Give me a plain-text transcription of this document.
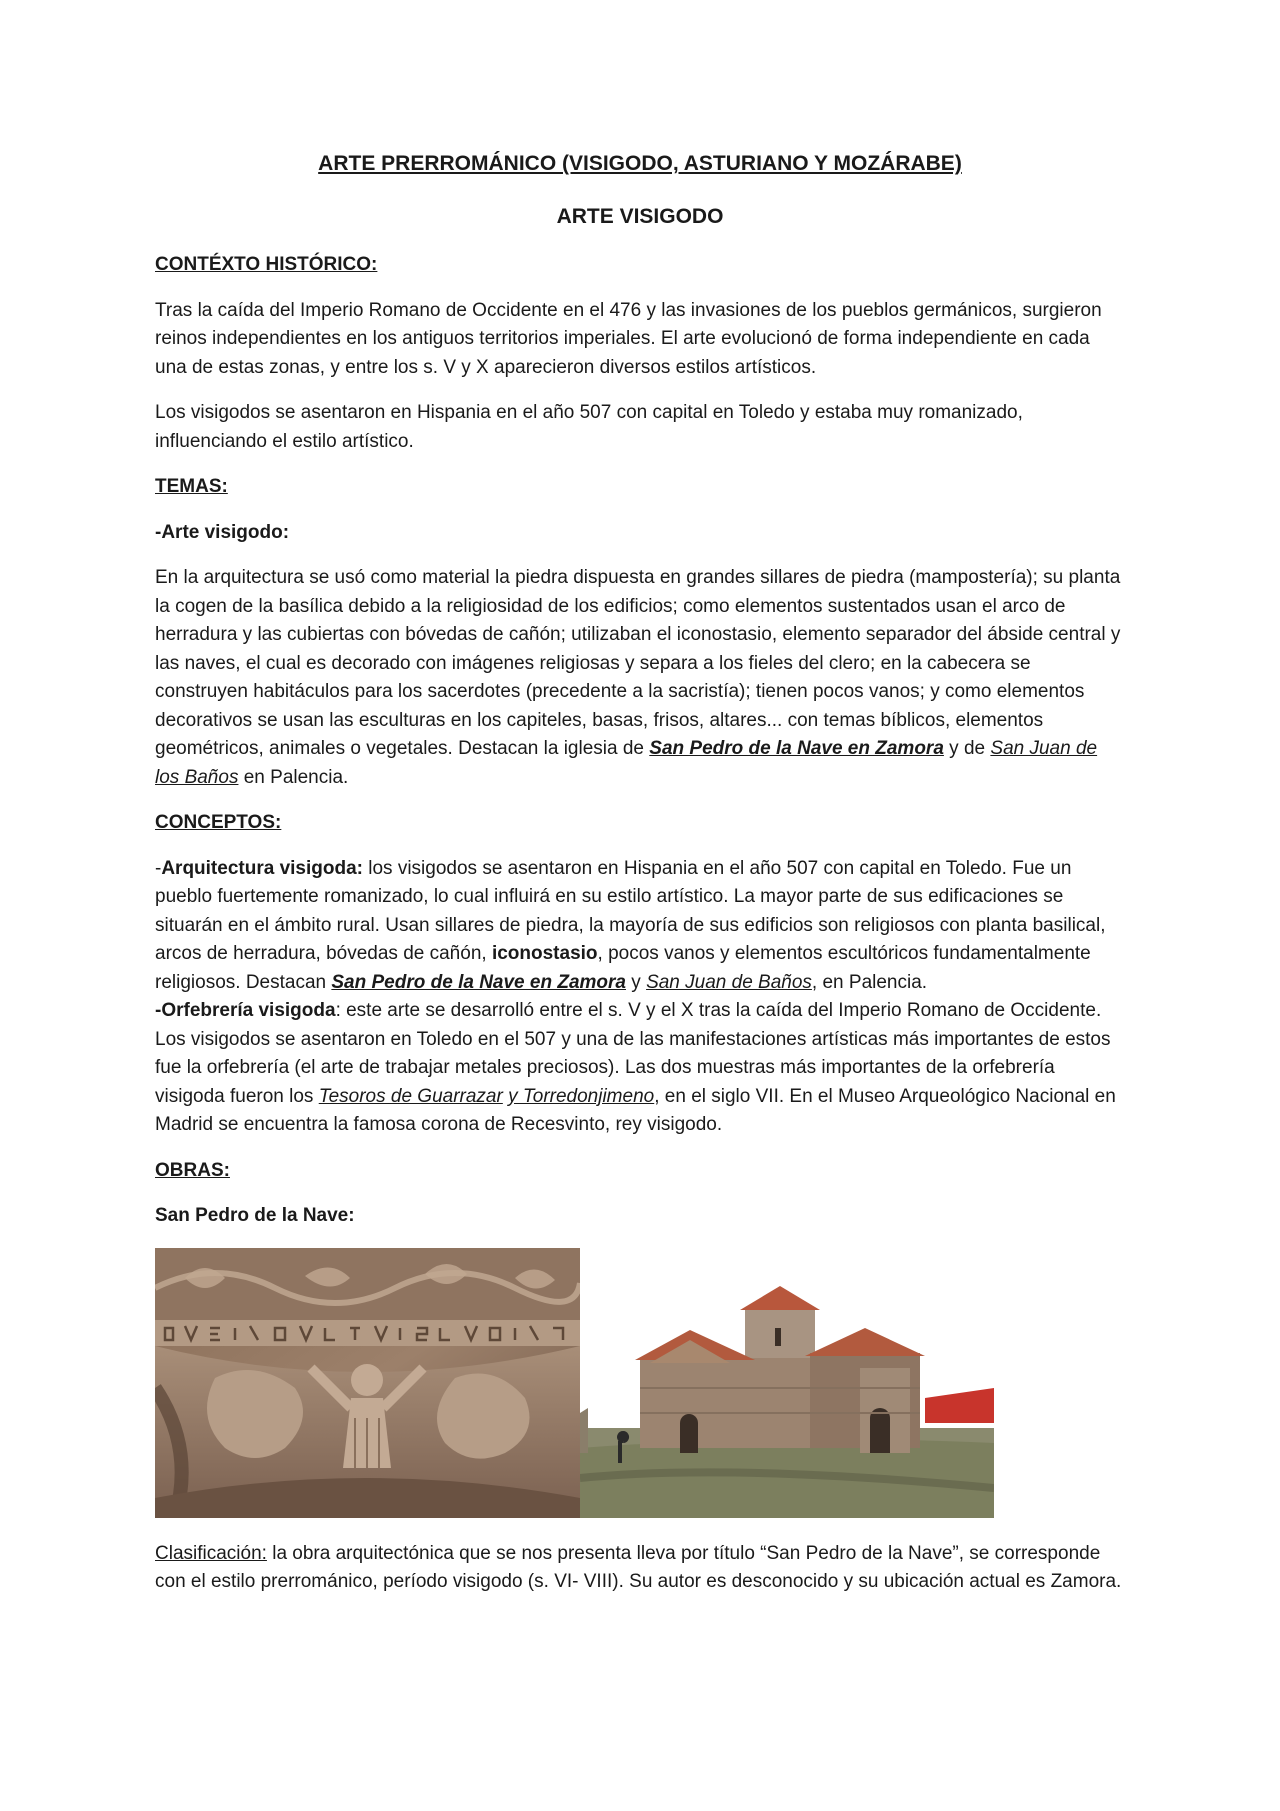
ARTE PRERROMÁNICO (VISIGODO, ASTURIANO Y MOZÁRABE)
ARTE VISIGODO
CONTÉXTO HISTÓRICO:

Tras la caída del Imperio Romano de Occidente en el 476 y las invasiones de los pueblos germánicos, surgieron reinos independientes en los antiguos territorios imperiales. El arte evolucionó de forma independiente en cada una de estas zonas, y entre los s. V y X aparecieron diversos estilos artísticos.

Los visigodos se asentaron en Hispania en el año 507 con capital en Toledo y estaba muy romanizado, influenciando el estilo artístico.

TEMAS:
-Arte visigodo:

En la arquitectura se usó como material la piedra dispuesta en grandes sillares de piedra (mampostería); su planta la cogen de la basílica debido a la religiosidad de los edificios; como elementos sustentados usan el arco de herradura y las cubiertas con bóvedas de cañón; utilizaban el iconostasio, elemento separador del ábside central y las naves, el cual es decorado con imágenes religiosas y separa a los fieles del clero; en la cabecera se construyen habitáculos para los sacerdotes (precedente a la sacristía); tienen pocos vanos; y como elementos decorativos se usan las esculturas en los capiteles, basas, frisos, altares... con temas bíblicos, elementos geométricos, animales o vegetales. Destacan la iglesia de San Pedro de la Nave en Zamora y de San Juan de los Baños en Palencia.

CONCEPTOS:

-Arquitectura visigoda: los visigodos se asentaron en Hispania en el año 507 con capital en Toledo. Fue un pueblo fuertemente romanizado, lo cual influirá en su estilo artístico. La mayor parte de sus edificaciones se situarán en el ámbito rural. Usan sillares de piedra, la mayoría de sus edificios son religiosos con planta basilical, arcos de herradura, bóvedas de cañón, iconostasio, pocos vanos y elementos escultóricos fundamentalmente religiosos. Destacan San Pedro de la Nave en Zamora y San Juan de Baños, en Palencia.

-Orfebrería visigoda: este arte se desarrolló entre el s. V y el X tras la caída del Imperio Romano de Occidente. Los visigodos se asentaron en Toledo en el 507 y una de las manifestaciones artísticas más importantes de estos fue la orfebrería (el arte de trabajar metales preciosos). Las dos muestras más importantes de la orfebrería visigoda fueron los Tesoros de Guarrazar y Torredonjimeno, en el siglo VII. En el Museo Arqueológico Nacional en Madrid se encuentra la famosa corona de Recesvinto, rey visigodo.

OBRAS:
San Pedro de la Nave:

Clasificación: la obra arquitectónica que se nos presenta lleva por título “San Pedro de la Nave”, se corresponde con el estilo prerrománico, período visigodo (s. VI- VIII). Su autor es desconocido y su ubicación actual es Zamora.
